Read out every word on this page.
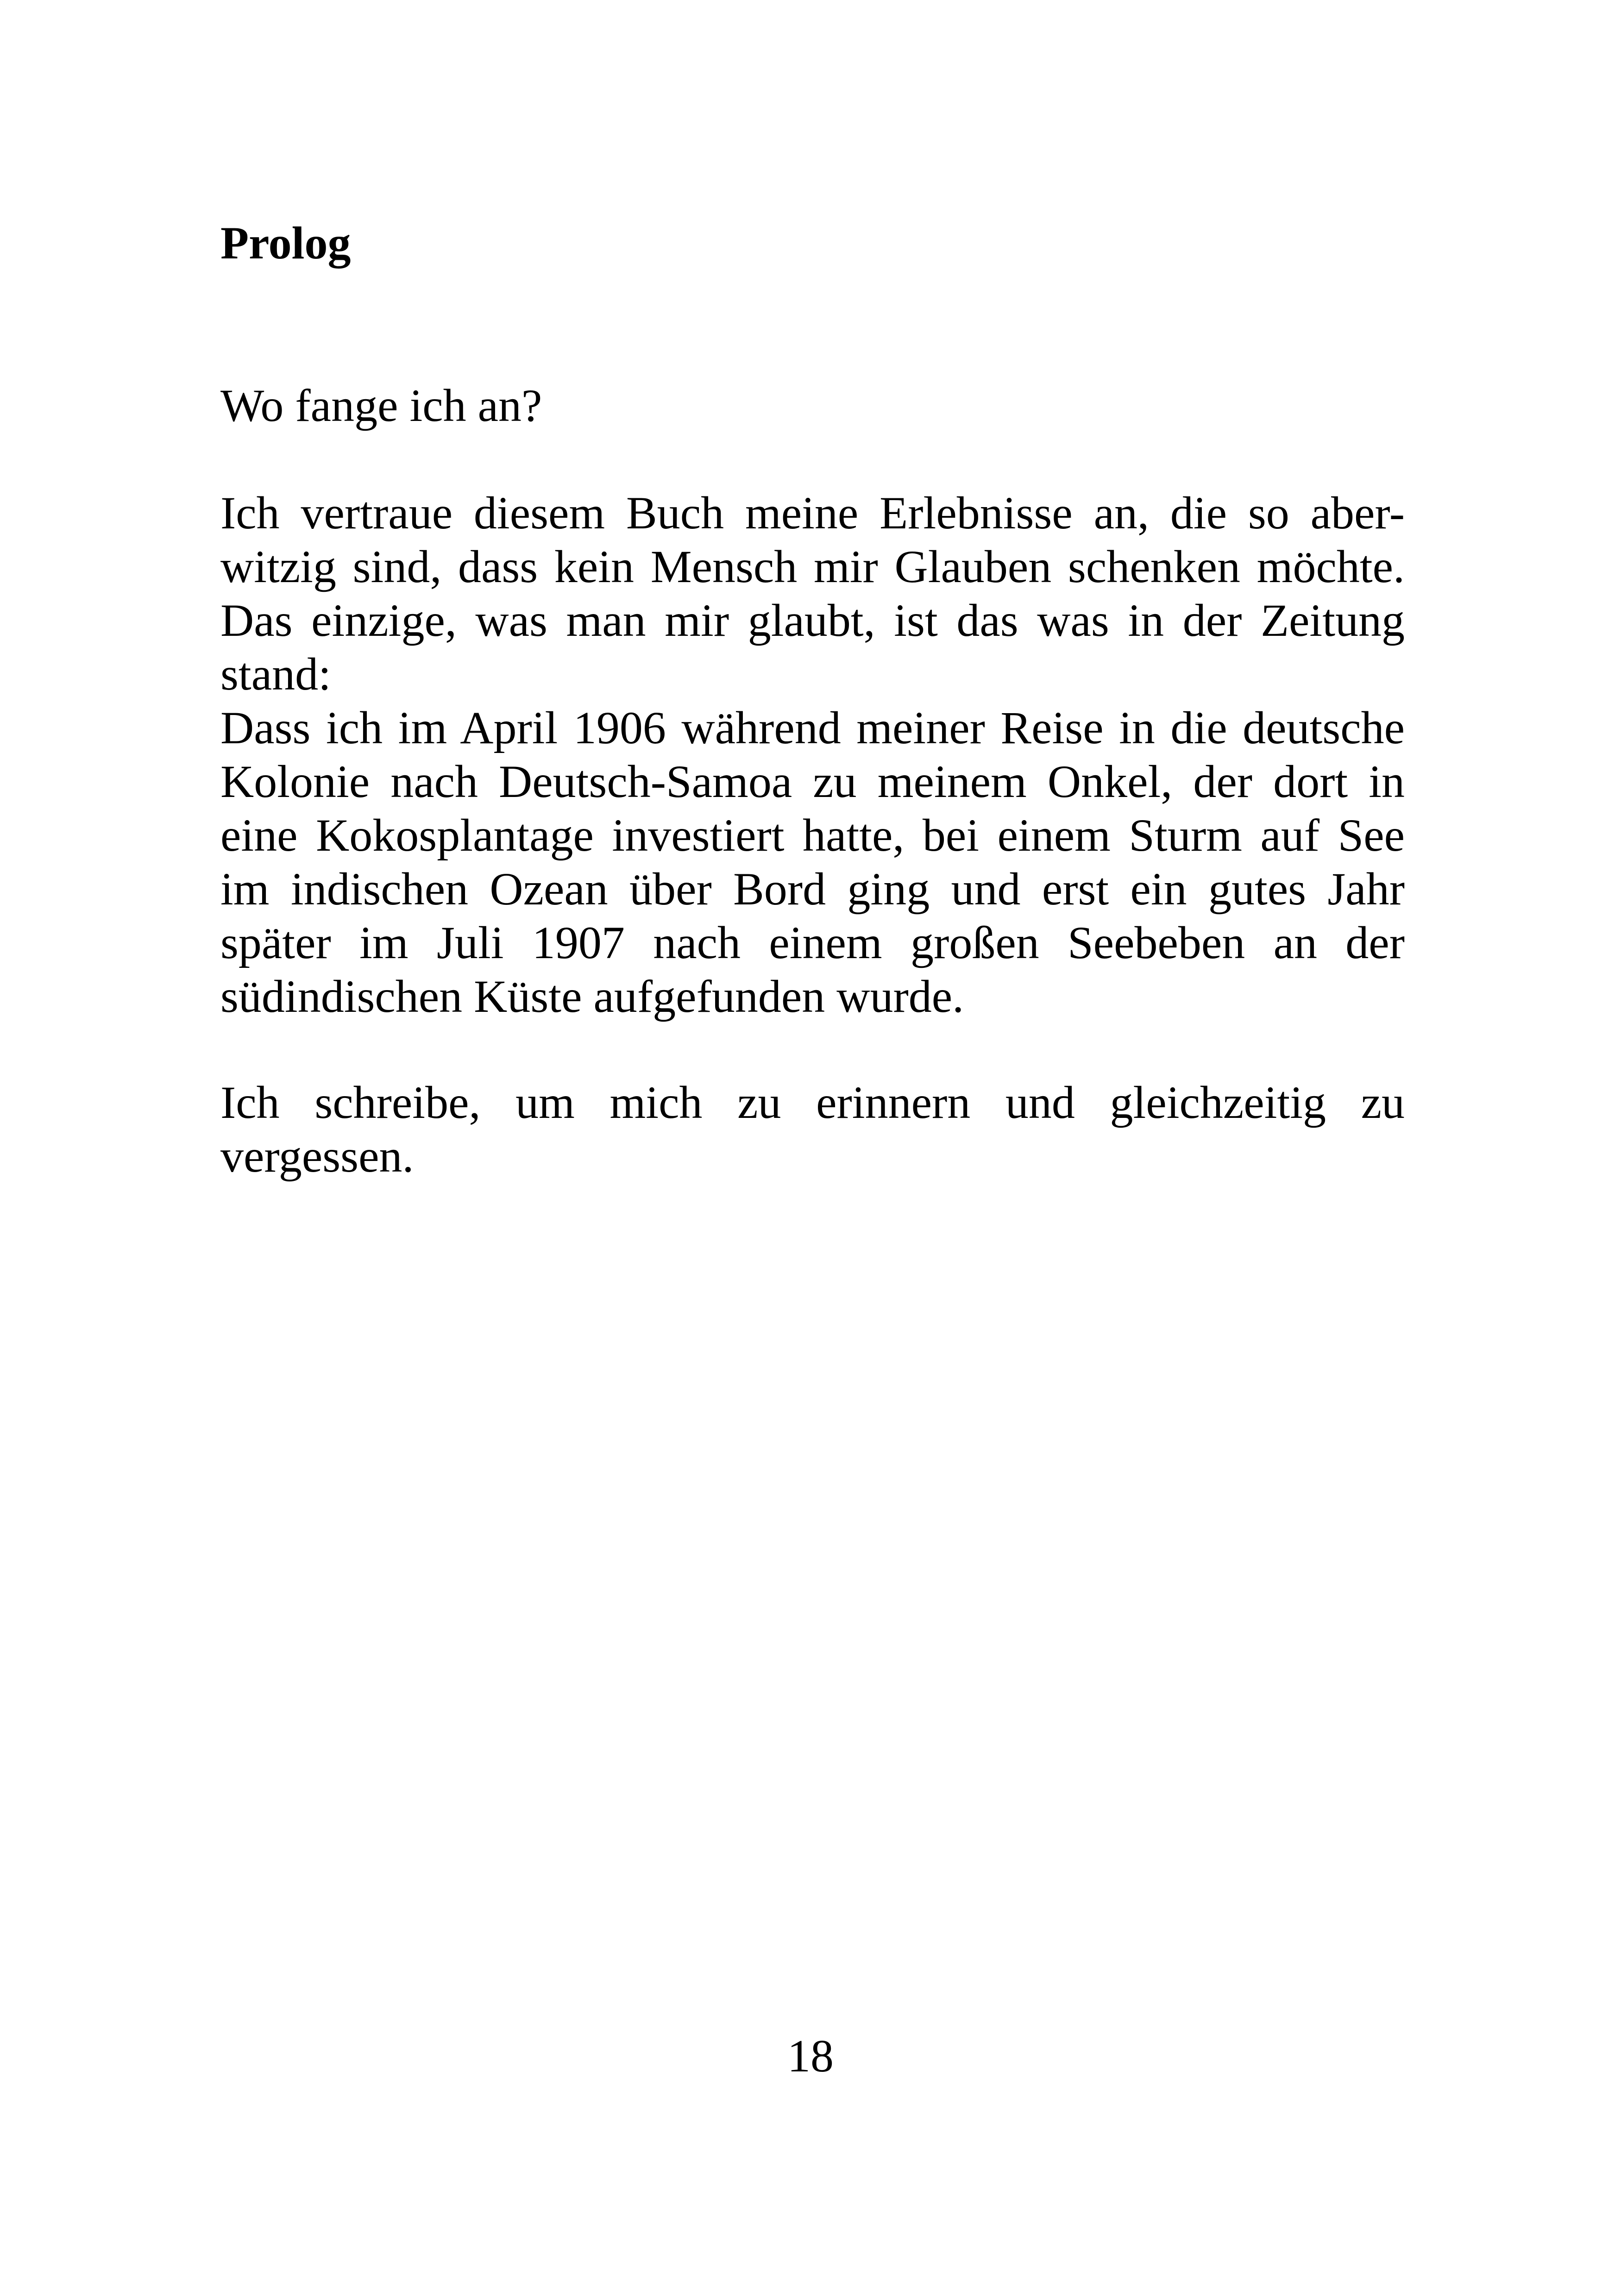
Prolog

Wo fange ich an?

Ich vertraue diesem Buch meine Erlebnisse an, die so aber-
witzig sind, dass kein Mensch mir Glauben schenken möchte.
Das einzige, was man mir glaubt, ist das was in der Zeitung
stand:
Dass ich im April 1906 während meiner Reise in die deutsche
Kolonie nach Deutsch-Samoa zu meinem Onkel, der dort in
eine Kokosplantage investiert hatte, bei einem Sturm auf See
im indischen Ozean über Bord ging und erst ein gutes Jahr
später im Juli 1907 nach einem großen Seebeben an der
südindischen Küste aufgefunden wurde.

Ich schreibe, um mich zu erinnern und gleichzeitig zu
vergessen.

18
